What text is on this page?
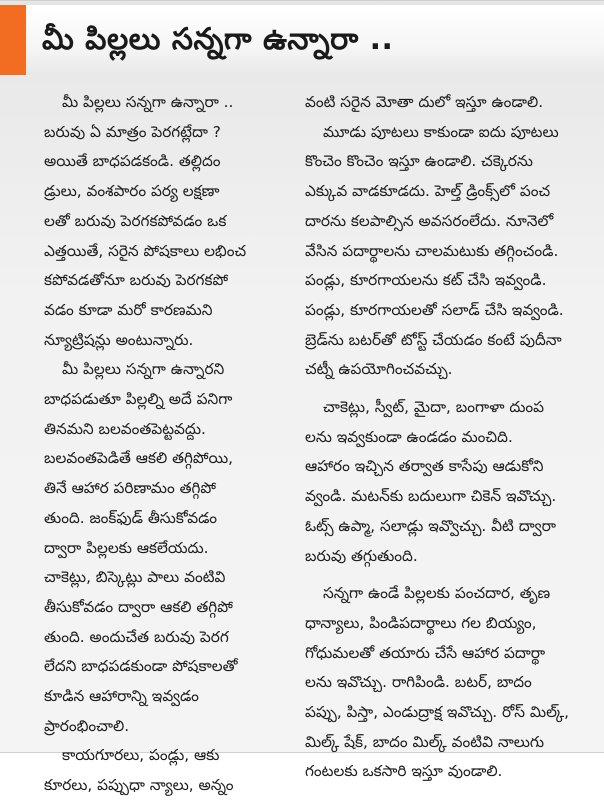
మీ పిల్లలు సన్నగా ఉన్నారా ..
మీ పిల్లలు సన్నగా ఉన్నారా ..
బరువు ఏ మాత్రం పెరగట్లేదా ?
అయితే బాధపడకండి. తల్లిదం
డ్రులు, వంశపారం పర్య లక్షణా
లతో బరువు పెరగకపోవడం ఒక
ఎత్తయితే, సరైన పోషకాలు లభించ
కపోవడతోనూ బరువు పెరగకపో
వడం కూడా మరో కారణమని
న్యూట్రిషన్లు అంటున్నారు.
మీ పిల్లలు సన్నగా ఉన్నారని
బాధపడుతూ పిల్లల్ని అదే పనిగా
తినమని బలవంతపెట్టవద్దు.
బలవంతపెడితే ఆకలి తగ్గిపోయి,
తినే ఆహార పరిణామం తగ్గిపో
తుంది. జంక్‌ఫుడ్ తీసుకోవడం
ద్వారా పిల్లలకు ఆకలేయదు.
చాకెట్లు, బిస్కెట్లు పాలు వంటివి
తీసుకోవడం ద్వారా ఆకలి తగ్గిపో
తుంది. అందుచేత బరువు పెరగ
లేదని బాధపడకుండా పోషకాలతో
కూడిన ఆహారాన్ని ఇవ్వడం
ప్రారంభించాలి.
కాయగూరలు, పండ్లు, ఆకు
కూరలు, పప్పుధా న్యాలు, అన్నం
వంటి సరైన మోతా దులో ఇస్తూ ఉండాలి.
మూడు పూటలు కాకుండా ఐదు పూటలు
కొంచెం కొంచెం ఇస్తూ ఉండాలి. చక్కెరను
ఎక్కువ వాడకూడదు. హెల్త్ డ్రింక్స్‌లో పంచ
దారను కలపాల్సిన అవసరంలేదు. నూనెలో
వేసిన పదార్థాలను చాలమటుకు తగ్గించండి.
పండ్లు, కూరగాయలను కట్ చేసి ఇవ్వండి.
పండ్లు, కూరగాయలతో సలాడ్ చేసి ఇవ్వండి.
బ్రెడ్‌ను బటర్‌తో టోస్ట్ చేయడం కంటే పుదీనా
చట్నీ ఉపయోగించవచ్చు.
చాకెట్లు, స్వీట్, మైదా, బంగాళా దుంప
లను ఇవ్వకుండా ఉండడం మంచిది.
ఆహారం ఇచ్చిన తర్వాత కాసేపు ఆడుకోని
వ్వండి. మటన్‌కు బదులుగా చికెన్ ఇవొచ్చు.
ఓట్స్ ఉప్మా, సలాడ్లు ఇవ్వొచ్చు. వీటి ద్వారా
బరువు తగ్గుతుంది.
సన్నగా ఉండే పిల్లలకు పంచదార, తృణ
ధాన్యాలు, పిండిపదార్థాలు గల బియ్యం,
గోధుమలతో తయారు చేసే ఆహార పదార్థా
లను ఇవొచ్చు. రాగిపిండి. బటర్, బాదం
పప్పు, పిస్తా, ఎండుద్రాక్ష ఇవొచ్చు. రోస్ మిల్క్,
మిల్క్ షేక్, బాదం మిల్క్ వంటివి నాలుగు
గంటలకు ఒకసారి ఇస్తూ వుండాలి.
